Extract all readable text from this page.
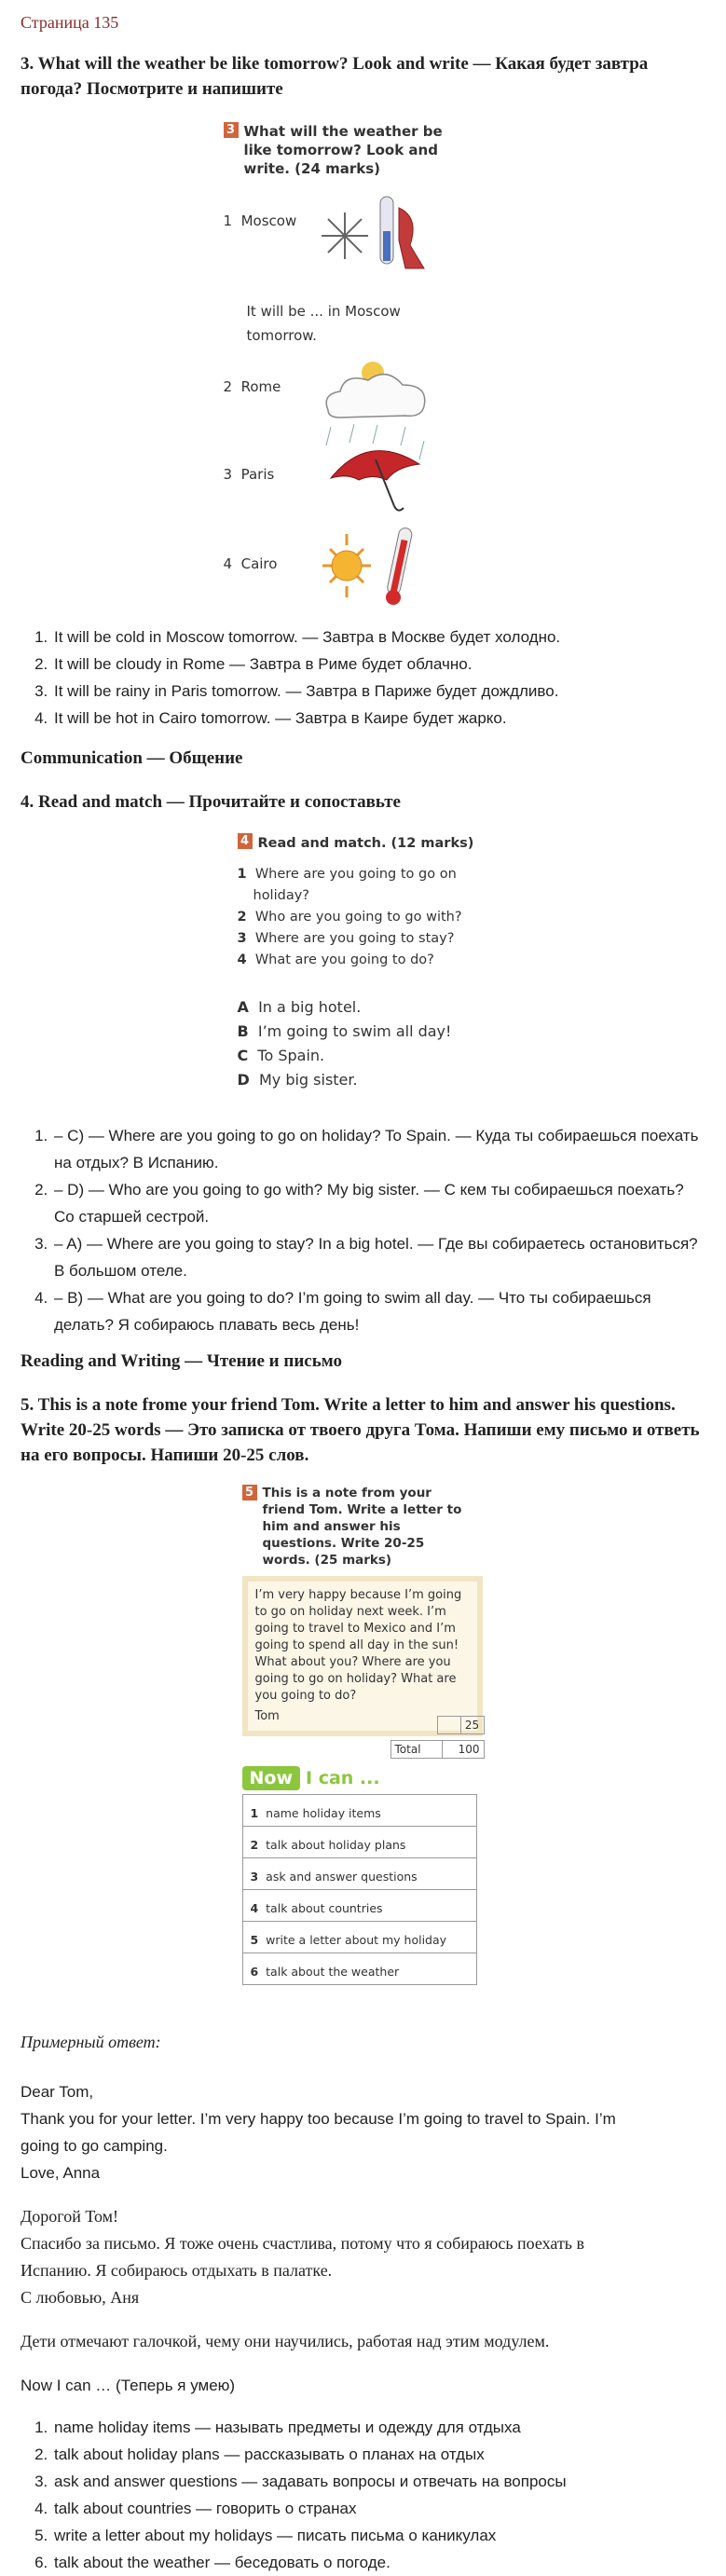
Страница 135
3. What will the weather be like tomorrow? Look and write — Какая будет завтра погода? Посмотрите и напишите
3 What will the weather be
like tomorrow? Look and
write. (24 marks)
1 Moscow
It will be ... in Moscow
tomorrow.
2 Rome
3 Paris
4 Cairo
1. It will be cold in Moscow tomorrow. — Завтра в Москве будет холодно.
2. It will be cloudy in Rome — Завтра в Риме будет облачно.
3. It will be rainy in Paris tomorrow. — Завтра в Париже будет дождливо.
4. It will be hot in Cairo tomorrow. — Завтра в Каире будет жарко.
Communication — Общение
4. Read and match — Прочитайте и сопоставьте
4 Read and match. (12 marks)
1 Where are you going to go on
holiday?
2 Who are you going to go with?
3 Where are you going to stay?
4 What are you going to do?
A In a big hotel.
B I’m going to swim all day!
C To Spain.
D My big sister.
1. – C) — Where are you going to go on holiday? To Spain. — Куда ты собираешься поехать на отдых? В Испанию.
2. – D) — Who are you going to go with? My big sister. — С кем ты собираешься поехать? Со старшей сестрой.
3. – A) — Where are you going to stay? In a big hotel. — Где вы собираетесь остановиться? В большом отеле.
4. – B) — What are you going to do? I’m going to swim all day. — Что ты собираешься делать? Я собираюсь плавать весь день!
Reading and Writing — Чтение и письмо
5. This is a note frome your friend Tom. Write a letter to him and answer his questions. Write 20-25 words — Это записка от твоего друга Тома. Напиши ему письмо и ответь на его вопросы. Напиши 20-25 слов.
5 This is a note from your
friend Tom. Write a letter to
him and answer his
questions. Write 20-25
words. (25 marks)
I’m very happy because I’m going
to go on holiday next week. I’m
going to travel to Mexico and I’m
going to spend all day in the sun!
What about you? Where are you
going to go on holiday? What are
you going to do?

Tom
25
Total	100
Now I can ...
1 name holiday items
2 talk about holiday plans
3 ask and answer questions
4 talk about countries
5 write a letter about my holiday
6 talk about the weather

Примерный ответ:

Dear Tom,

Thank you for your letter. I’m very happy too because I’m going to travel to Spain. I’m

going to go camping.

Love, Anna

Дорогой Том!

Спасибо за письмо. Я тоже очень счастлива, потому что я собираюсь поехать в

Испанию. Я собираюсь отдыхать в палатке.

С любовью, Аня

Дети отмечают галочкой, чему они научились, работая над этим модулем.

Now I can … (Теперь я умею)

1. name holiday items — называть предметы и одежду для отдыха
2. talk about holiday plans — рассказывать о планах на отдых
3. ask and answer questions — задавать вопросы и отвечать на вопросы
4. talk about countries — говорить о странах
5. write a letter about my holidays — писать письма о каникулах
6. talk about the weather — беседовать о погоде.
